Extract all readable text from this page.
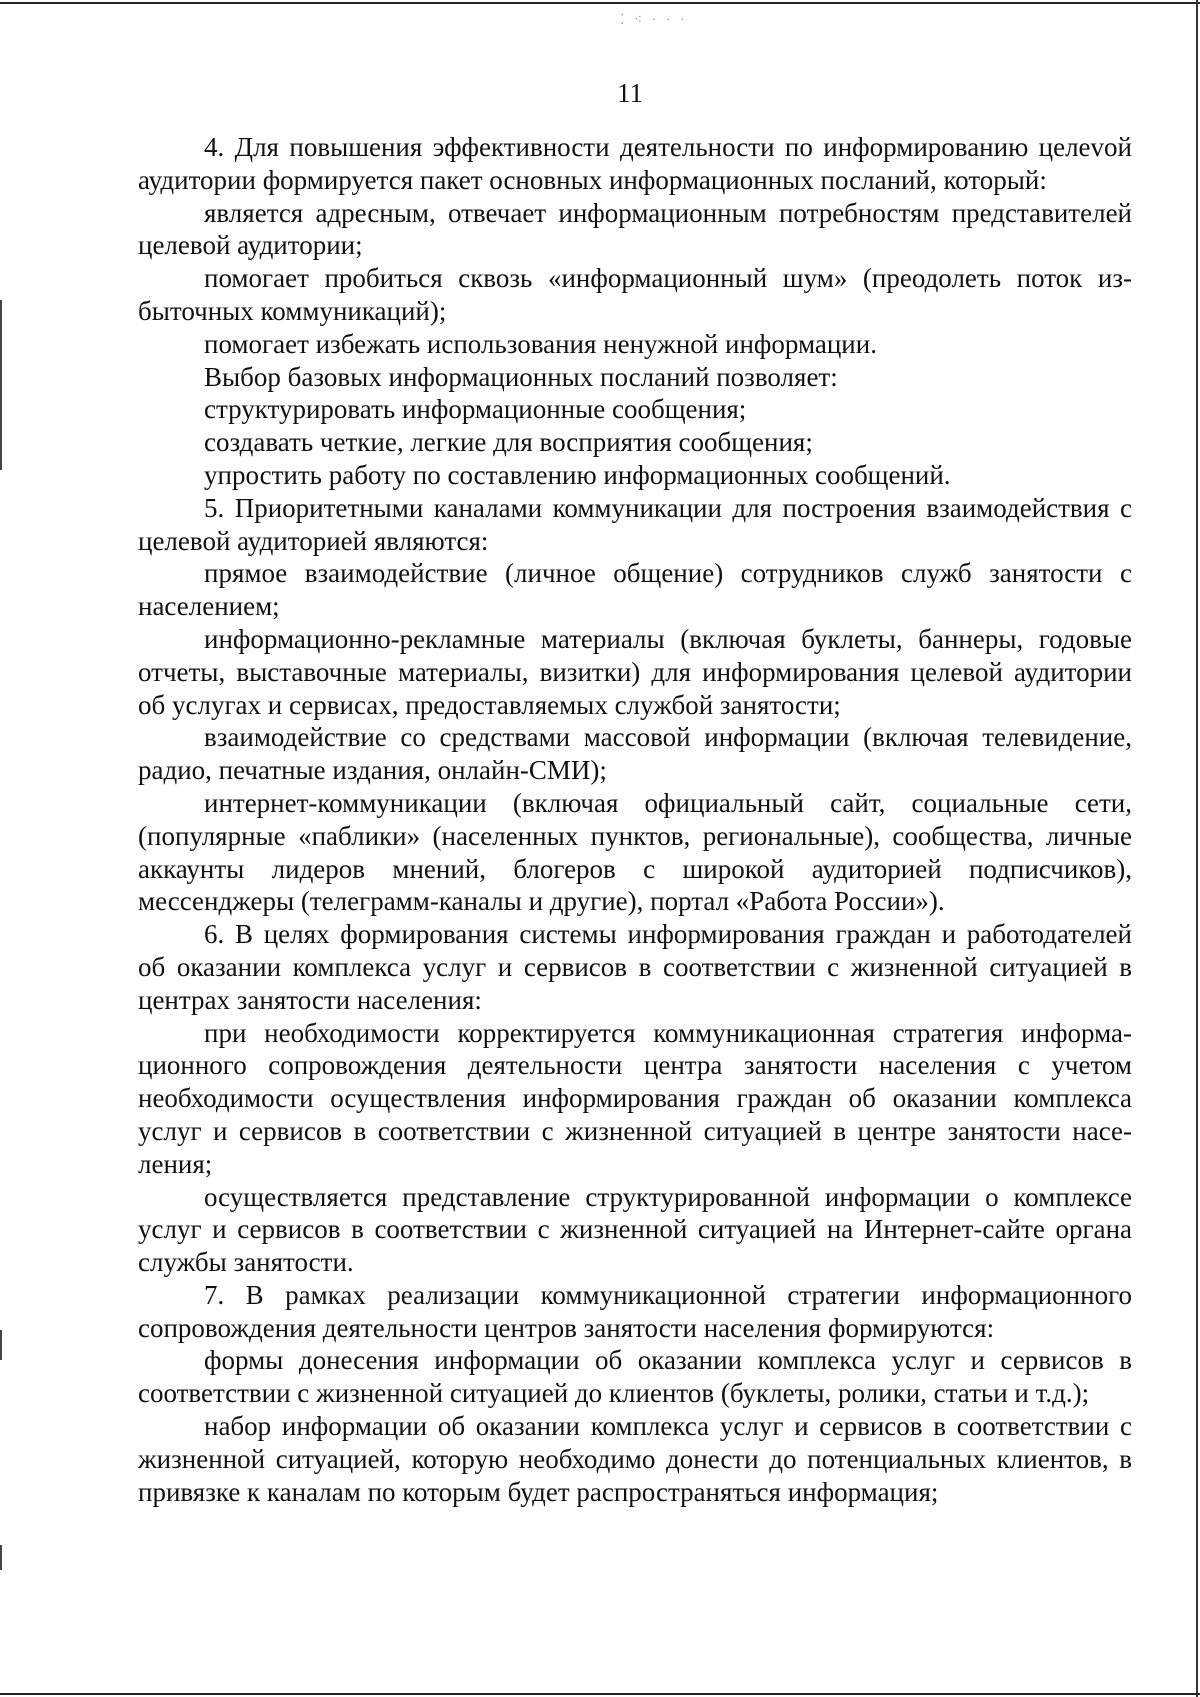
⁚ ⁖ · · ·
11

4. Для повышения эффективности деятельности по информированию целеvой аудитории формируется пакет основных информационных посланий, который:

является адресным, отвечает информационным потребностям представителей целевой аудитории;

помогает пробиться сквозь «информационный шум» (преодолеть поток избыточных коммуникаций);

помогает избежать использования ненужной информации.

Выбор базовых информационных посланий позволяет:

структурировать информационные сообщения;

создавать четкие, легкие для восприятия сообщения;

упростить работу по составлению информационных сообщений.

5. Приоритетными каналами коммуникации для построения взаимодействия с целевой аудиторией являются:

прямое взаимодействие (личное общение) сотрудников служб занятости с населением;

информационно-рекламные материалы (включая буклеты, баннеры, годовые отчеты, выставочные материалы, визитки) для информирования целевой аудитории об услугах и сервисах, предоставляемых службой занятости;

взаимодействие со средствами массовой информации (включая телевидение, радио, печатные издания, онлайн-СМИ);

интернет-коммуникации (включая официальный сайт, социальные сети, (популярные «паблики» (населенных пунктов, региональные), сообщества, личные аккаунты лидеров мнений, блогеров с широкой аудиторией подписчиков), мессенджеры (телеграмм-каналы и другие), портал «Работа России»).

6. В целях формирования системы информирования граждан и работодателей об оказании комплекса услуг и сервисов в соответствии с жизненной ситуацией в центрах занятости населения:

при необходимости корректируется коммуникационная стратегия информационного сопровождения деятельности центра занятости населения с учетом необходимости осуществления информирования граждан об оказании комплекса услуг и сервисов в соответствии с жизненной ситуацией в центре занятости населения;

осуществляется представление структурированной информации о комплексе услуг и сервисов в соответствии с жизненной ситуацией на Интернет-сайте органа службы занятости.

7. В рамках реализации коммуникационной стратегии информационного сопровождения деятельности центров занятости населения формируются:

формы донесения информации об оказании комплекса услуг и сервисов в соответствии с жизненной ситуацией до клиентов (буклеты, ролики, статьи и т.д.);

набор информации об оказании комплекса услуг и сервисов в соответствии с жизненной ситуацией, которую необходимо донести до потенциальных клиентов, в привязке к каналам по которым будет распространяться информация;
